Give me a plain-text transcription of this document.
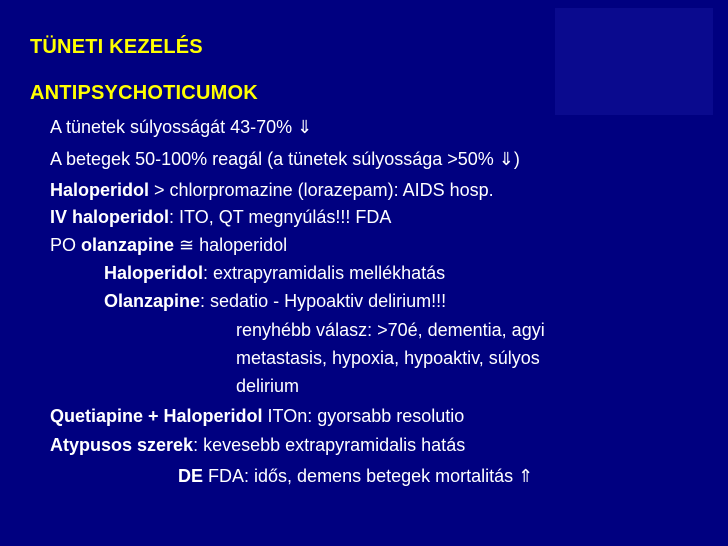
TÜNETI KEZELÉS
ANTIPSYCHOTICUMOK
A tünetek súlyosságát 43-70% ⇓
A betegek 50-100% reagál (a tünetek súlyossága >50% ⇓)
Haloperidol > chlorpromazine (lorazepam): AIDS hosp.
IV haloperidol: ITO, QT megnyúlás!!! FDA
PO olanzapine ≅ haloperidol
Haloperidol: extrapyramidalis mellékhatás
Olanzapine: sedatio - Hypoaktiv delirium!!!
renyhébb válasz: >70é, dementia, agyi
metastasis, hypoxia, hypoaktiv, súlyos
delirium
Quetiapine + Haloperidol ITOn: gyorsabb resolutio
Atypusos szerek: kevesebb extrapyramidalis hatás
DE FDA: idős, demens betegek mortalitás ⇑
